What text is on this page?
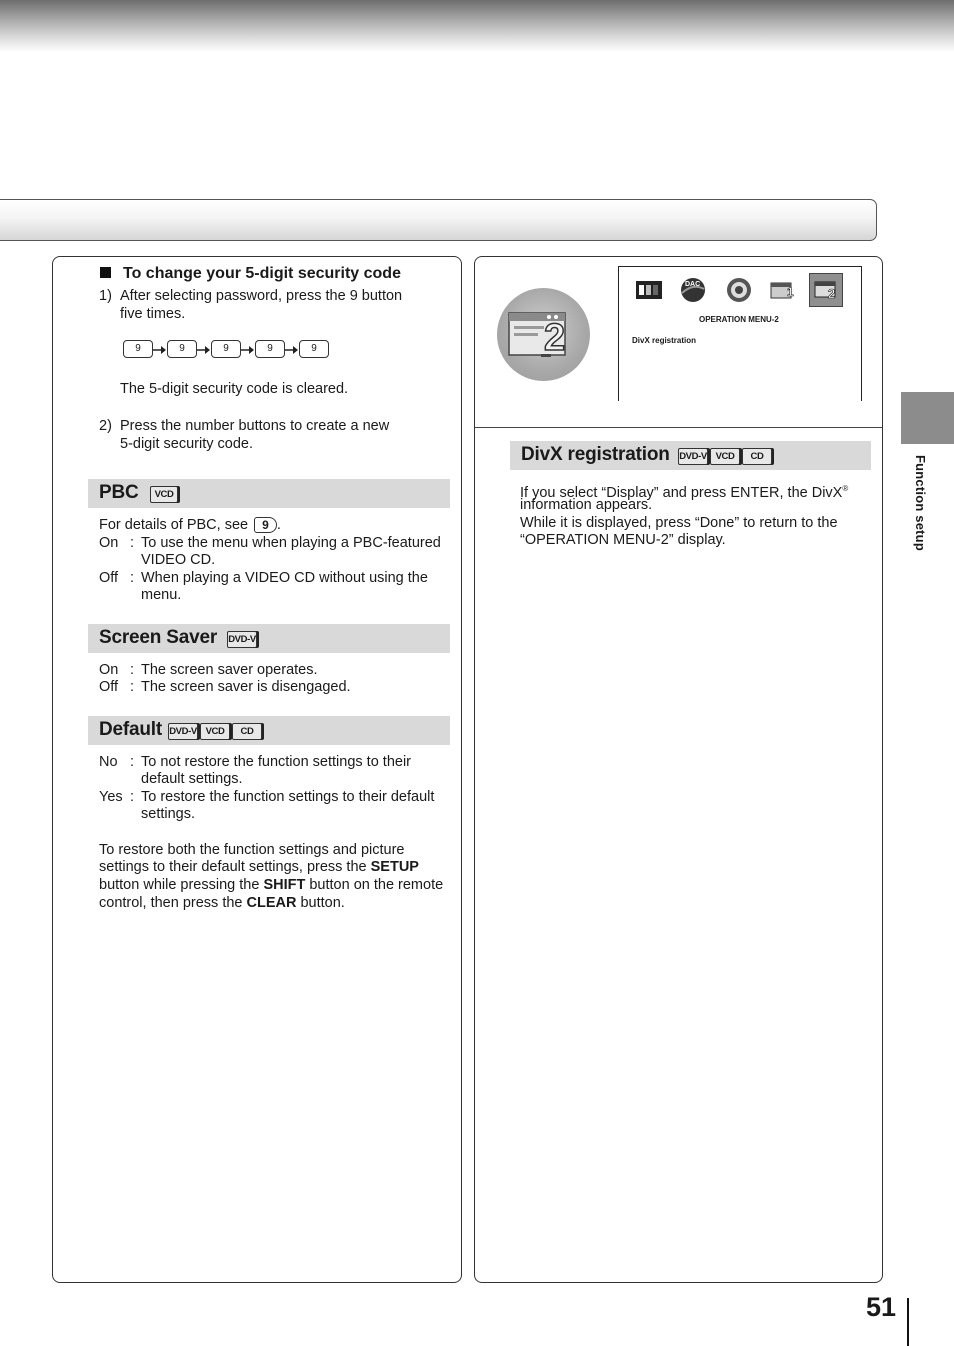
To change your 5-digit security code
1) After selecting password, press the 9 button
five times.
9	9	9	9	9
The 5-digit security code is cleared.
2) Press the number buttons to create a new
5-digit security code.
PBC	VCD
For details of PBC, see 9 .
On : To use the menu when playing a PBC-featured
VIDEO CD.
Off : When playing a VIDEO CD without using the
menu.
Screen Saver DVD-V
On : The screen saver operates.
Off : The screen saver is disengaged.
Default DVD-V VCD	CD
No : To not restore the function settings to their
default settings.
Yes : To restore the function settings to their default
settings.
To restore both the function settings and picture
settings to their default settings, press the SETUP
button while pressing the SHIFT button on the remote
control, then press the CLEAR button.
2
DAC
1	2
OPERATION MENU-2
DivX registration
DivX registration DVD-V VCD	CD
If you select “Display” and press ENTER, the DivX®
information appears.
While it is displayed, press “Done” to return to the
“OPERATION MENU-2” display.	Function setup
51
